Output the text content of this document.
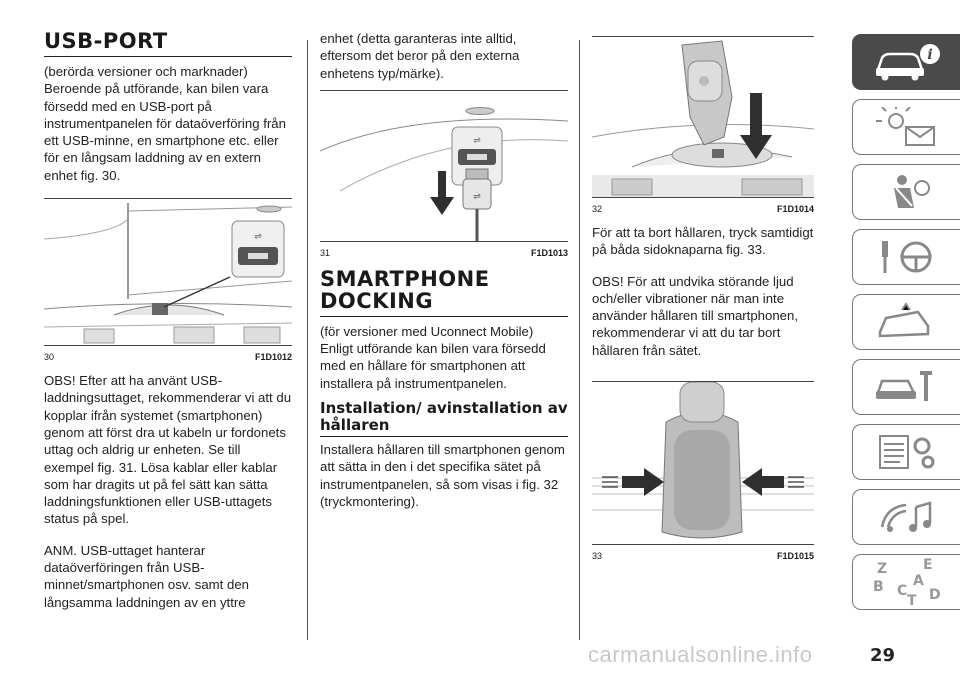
USB-PORT

(berörda versioner och marknader) Beroende på utförande, kan bilen vara försedd med en USB-port på instrumentpanelen för dataöverföring från ett USB-minne, en smartphone etc. eller för en långsam laddning av en extern enhet fig. 30.

⇌
30	F1D1012

OBS! Efter att ha använt USB-laddningsuttaget, rekommenderar vi att du kopplar ifrån systemet (smartphonen) genom att först dra ut kabeln ur fordonets uttag och aldrig ur enheten. Se till exempel fig. 31. Lösa kablar eller kablar som har dragits ut på fel sätt kan sätta laddningsfunktionen eller USB-uttagets status på spel.

ANM. USB-uttaget hanterar dataöverföringen från USB-minnet/smartphonen osv. samt den långsamma laddningen av en yttre

enhet (detta garanteras inte alltid, eftersom det beror på den externa enhetens typ/märke).

⇌
⇌
31	F1D1013
SMARTPHONE DOCKING

(för versioner med Uconnect Mobile) Enligt utförande kan bilen vara försedd med en hållare för smartphonen att installera på instrumentpanelen.

Installation/ avinstallation av hållaren

Installera hållaren till smartphonen genom att sätta in den i det specifika sätet på instrumentpanelen, så som visas i fig. 32 (tryckmontering).

32	F1D1014

För att ta bort hållaren, tryck samtidigt på båda sidoknaparna fig. 33.

OBS! För att undvika störande ljud och/eller vibrationer när man inte använder hållaren till smartphonen, rekommenderar vi att du tar bort hållaren från sätet.

33	F1D1015
i
Z	E
A
B C D
T
carmanualsonline.info	29
